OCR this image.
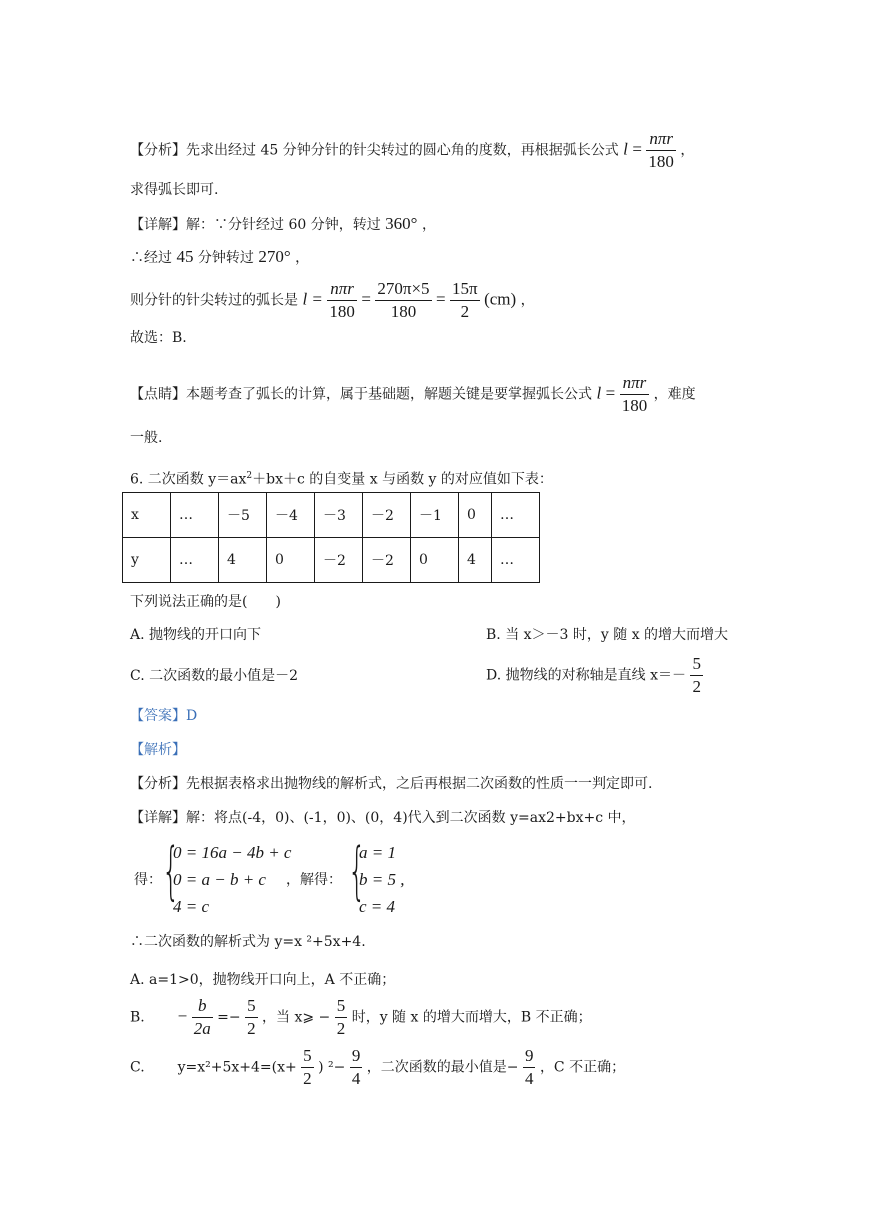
【分析】先求出经过 45 分钟分针的针尖转过的圆心角的度数，再根据弧长公式 $l = \frac{\text{nπr}}{180}$ ，
求得弧长即可.
【详解】解：∵分针经过 60 分钟，转过 360° ，
∴经过 45 分钟转过 270° ，
则分针的针尖转过的弧长是 $l = \frac{\text{nπr}}{180} = \frac{270\pi\times 5}{180} = \frac{15\pi}{2} (cm)$ ，
故选：B.
【点睛】本题考查了弧长的计算，属于基础题，解题关键是要掌握弧长公式 $l = \frac{\text{nπr}}{180}$ ，难度
一般.
6. 二次函数 $y=ax^2+bx+c$ 的自变量 x 与函数 y 的对应值如下表：
x	…	－5	－4	－3	－2	－1	0	…
y	…	4	0	－2	－2	0	4	…
下列说法正确的是(　　)
A. 抛物线的开口向下	B. 当 x＞－3 时，y 随 x 的增大而增大
C. 二次函数的最小值是－2	D. 抛物线的对称轴是直线 $x=- \frac{5}{2}$
【答案】D
【解析】
【分析】先根据表格求出抛物线的解析式，之后再根据二次函数的性质一一判定即可.
【详解】解：将点(-4，0)、(-1，0)、(0，4)代入到二次函数 y=ax2+bx+c 中，
得： {
0 = 16a − 4b + c
0 = a − b + c
4 = c
，解得： {
a = 1
b = 5 ,
c = 4
∴二次函数的解析式为 y=x ²+5x+4.
A. a=1>0，抛物线开口向上，A 不正确；
B. − $\frac{b}{2a} =- \frac{5}{2}$ ，当 x⩾ − $\frac{5}{2}$ 时，y 随 x 的增大而增大，B 不正确；
C. $y=x^2+5x+4=(x+ \frac{5}{2}$ ) $^2- \frac{9}{4}$ ，二次函数的最小值是− $\frac{9}{4}$ ，C 不正确；
